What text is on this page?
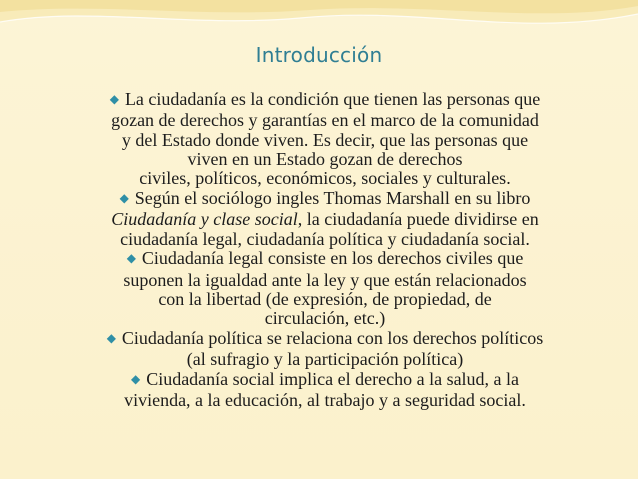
Introducción

◆ La ciudadanía es la condición que tienen las personas que
gozan de derechos y garantías en el marco de la comunidad
y del Estado donde viven. Es decir, que las personas que
viven en un Estado gozan de derechos
civiles, políticos, económicos, sociales y culturales.

◆ Según el sociólogo ingles Thomas Marshall en su libro
Ciudadanía y clase social, la ciudadanía puede dividirse en
ciudadanía legal, ciudadanía política y ciudadanía social.

◆ Ciudadanía legal consiste en los derechos civiles que
suponen la igualdad ante la ley y que están relacionados
con la libertad (de expresión, de propiedad, de
circulación, etc.)

◆ Ciudadanía política se relaciona con los derechos políticos
(al sufragio y la participación política)

◆ Ciudadanía social implica el derecho a la salud, a la
vivienda, a la educación, al trabajo y a seguridad social.
